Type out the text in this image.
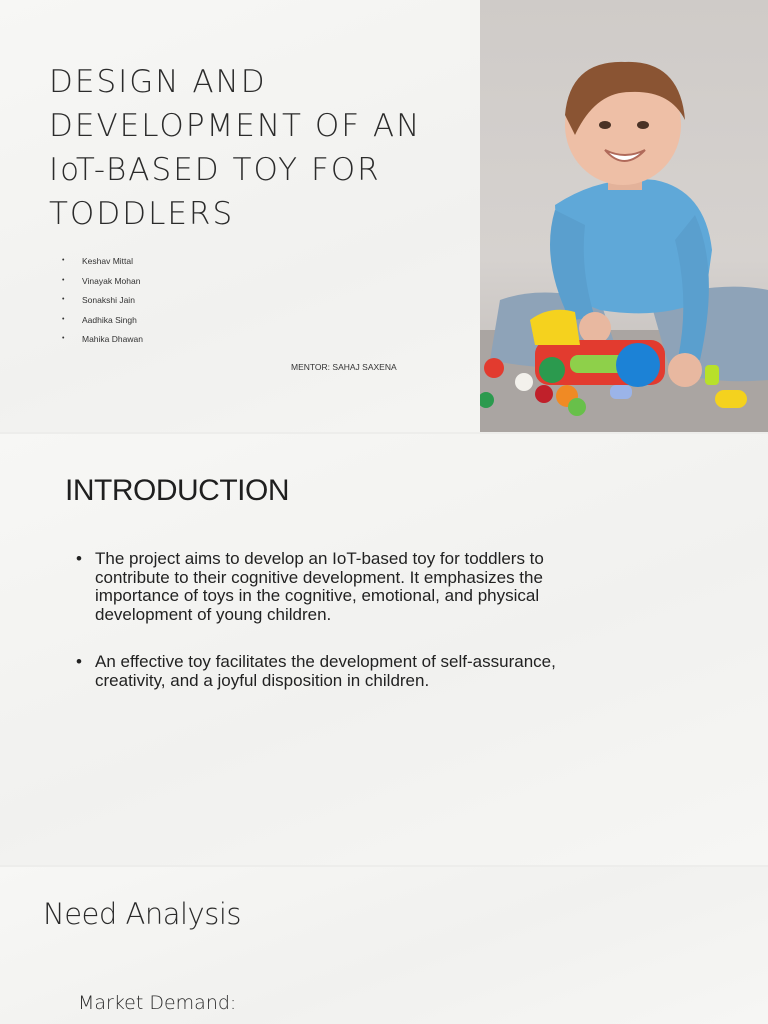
DESIGN AND DEVELOPMENT OF AN IoT-BASED TOY FOR TODDLERS
• Keshav Mittal
• Vinayak Mohan
• Sonakshi Jain
• Aadhika Singh
• Mahika Dhawan
MENTOR: SAHAJ SAXENA
INTRODUCTION
• The project aims to develop an IoT-based toy for toddlers to contribute to their cognitive development. It emphasizes the importance of toys in the cognitive, emotional, and physical development of young children.
• An effective toy facilitates the development of self-assurance, creativity, and a joyful disposition in children.
Need Analysis
Market Demand:
